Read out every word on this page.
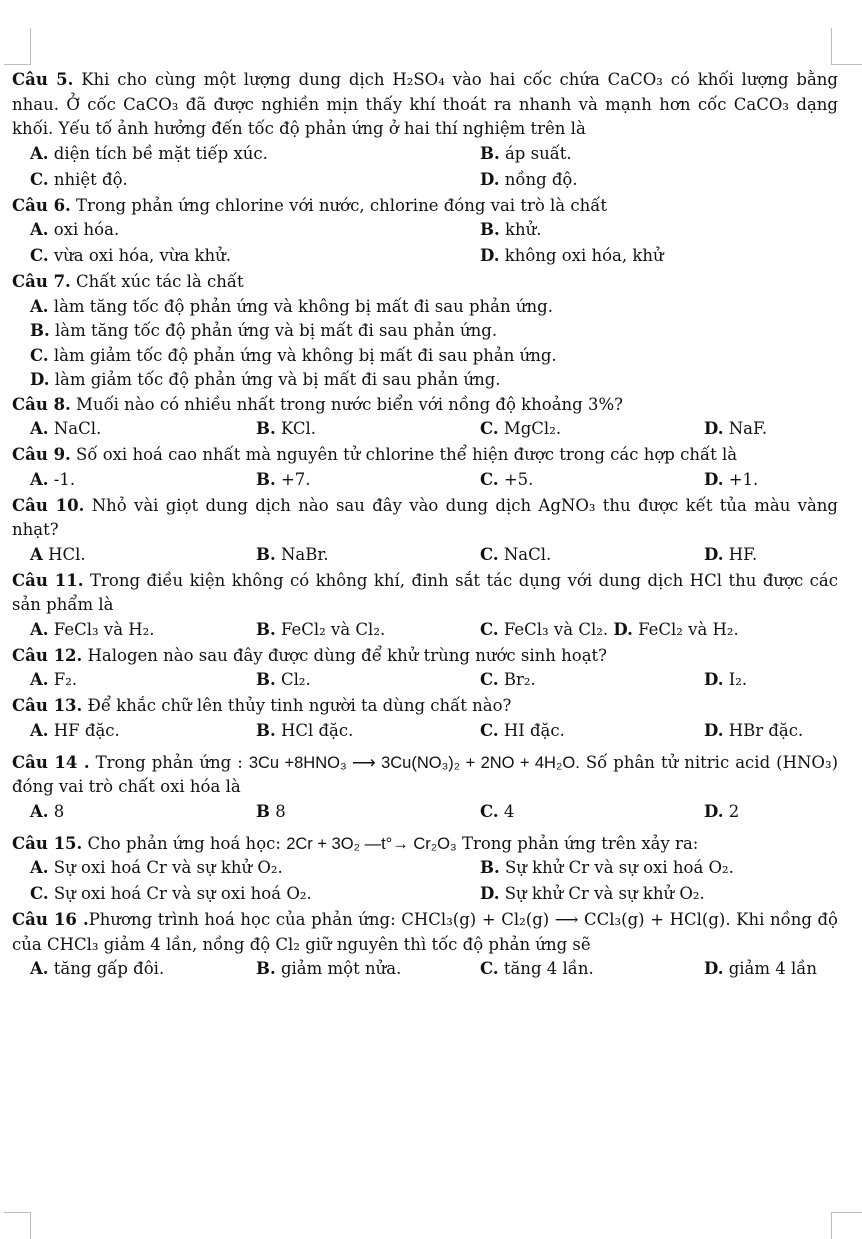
Câu 5. Khi cho cùng một lượng dung dịch H₂SO₄ vào hai cốc chứa CaCO₃ có khối lượng bằng nhau. Ở cốc CaCO₃ đã được nghiền mịn thấy khí thoát ra nhanh và mạnh hơn cốc CaCO₃ dạng khối. Yếu tố ảnh hưởng đến tốc độ phản ứng ở hai thí nghiệm trên là

A. diện tích bề mặt tiếp xúc.	B. áp suất.
C. nhiệt độ.	D. nồng độ.

Câu 6. Trong phản ứng chlorine với nước, chlorine đóng vai trò là chất

A. oxi hóa.	B. khử.
C. vừa oxi hóa, vừa khử.	D. không oxi hóa, khử

Câu 7. Chất xúc tác là chất

A. làm tăng tốc độ phản ứng và không bị mất đi sau phản ứng.
B. làm tăng tốc độ phản ứng và bị mất đi sau phản ứng.
C. làm giảm tốc độ phản ứng và không bị mất đi sau phản ứng.
D. làm giảm tốc độ phản ứng và bị mất đi sau phản ứng.

Câu 8. Muối nào có nhiều nhất trong nước biển với nồng độ khoảng 3%?

A. NaCl.	B. KCl.	C. MgCl₂.	D. NaF.

Câu 9. Số oxi hoá cao nhất mà nguyên tử chlorine thể hiện được trong các hợp chất là

A. -1.	B. +7.	C. +5.	D. +1.

Câu 10. Nhỏ vài giọt dung dịch nào sau đây vào dung dịch AgNO₃ thu được kết tủa màu vàng nhạt?

A HCl.	B. NaBr.	C. NaCl.	D. HF.

Câu 11. Trong điều kiện không có không khí, đinh sắt tác dụng với dung dịch HCl thu được các sản phẩm là

A. FeCl₃ và H₂.	B. FeCl₂ và Cl₂.	C. FeCl₃ và Cl₂. D. FeCl₂ và H₂.

Câu 12. Halogen nào sau đây được dùng để khử trùng nước sinh hoạt?

A. F₂.	B. Cl₂.	C. Br₂.	D. I₂.

Câu 13. Để khắc chữ lên thủy tinh người ta dùng chất nào?

A. HF đặc.	B. HCl đặc.	C. HI đặc.	D. HBr đặc.

Câu 14 . Trong phản ứng : 3Cu +8HNO₃ ⟶ 3Cu(NO₃)₂ + 2NO + 4H₂O. Số phân tử nitric acid (HNO₃) đóng vai trò chất oxi hóa là

A. 8	B 8	C. 4	D. 2

Câu 15. Cho phản ứng hoá học: 2Cr + 3O₂ —t°→ Cr₂O₃ Trong phản ứng trên xảy ra:

A. Sự oxi hoá Cr và sự khử O₂.	B. Sự khử Cr và sự oxi hoá O₂.
C. Sự oxi hoá Cr và sự oxi hoá O₂.	D. Sự khử Cr và sự khử O₂.

Câu 16 .Phương trình hoá học của phản ứng: CHCl₃(g) + Cl₂(g) ⟶ CCl₃(g) + HCl(g). Khi nồng độ của CHCl₃ giảm 4 lần, nồng độ Cl₂ giữ nguyên thì tốc độ phản ứng sẽ

A. tăng gấp đôi.	B. giảm một nửa.	C. tăng 4 lần.	D. giảm 4 lần
